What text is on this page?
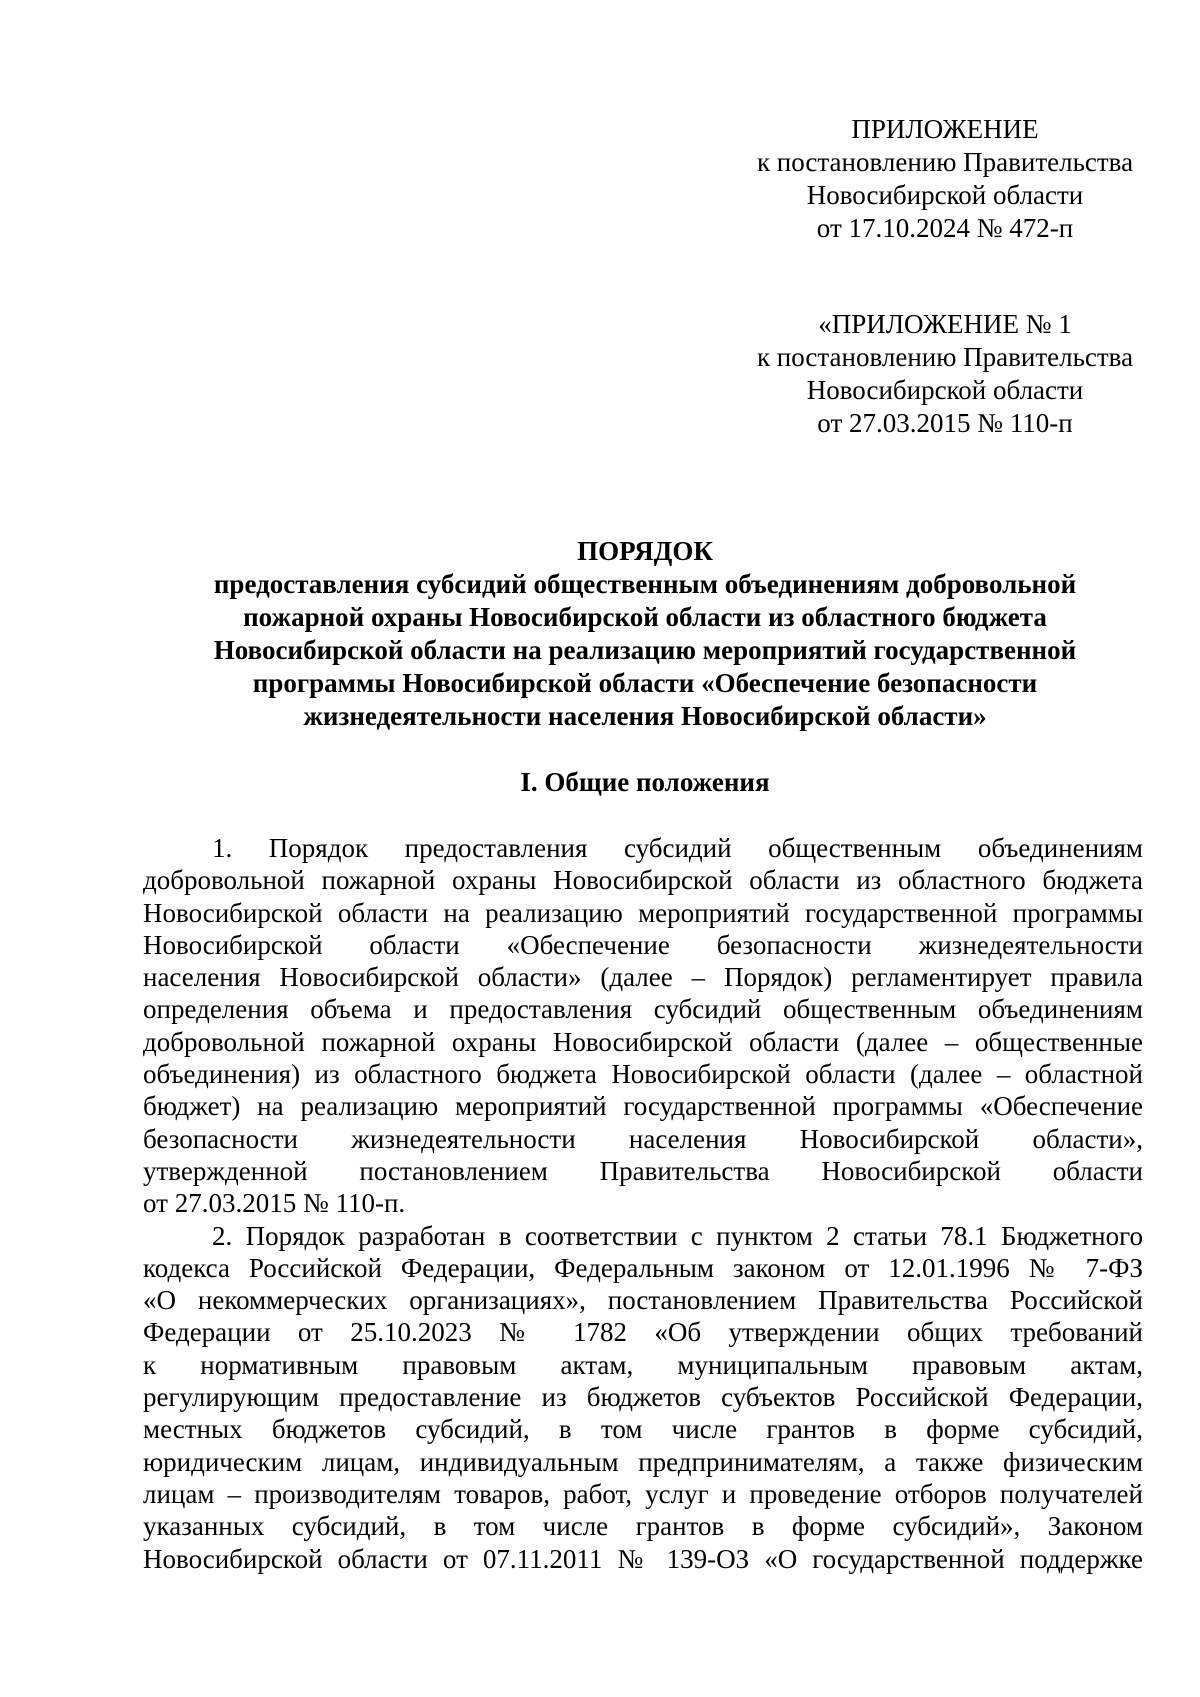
ПРИЛОЖЕНИЕ
к постановлению Правительства
Новосибирской области
от 17.10.2024 № 472-п
«ПРИЛОЖЕНИЕ № 1
к постановлению Правительства
Новосибирской области
от 27.03.2015 № 110-п
ПОРЯДОК
предоставления субсидий общественным объединениям добровольной
пожарной охраны Новосибирской области из областного бюджета
Новосибирской области на реализацию мероприятий государственной
программы Новосибирской области «Обеспечение безопасности
жизнедеятельности населения Новосибирской области»
I. Общие положения
1. Порядок предоставления субсидий общественным объединениям
добровольной пожарной охраны Новосибирской области из областного бюджета
Новосибирской области на реализацию мероприятий государственной программы
Новосибирской области «Обеспечение безопасности жизнедеятельности
населения Новосибирской области» (далее – Порядок) регламентирует правила
определения объема и предоставления субсидий общественным объединениям
добровольной пожарной охраны Новосибирской области (далее – общественные
объединения) из областного бюджета Новосибирской области (далее – областной
бюджет) на реализацию мероприятий государственной программы «Обеспечение
безопасности жизнедеятельности населения Новосибирской области»,
утвержденной постановлением Правительства Новосибирской области
от 27.03.2015 № 110-п.
2. Порядок разработан в соответствии с пунктом 2 статьи 78.1 Бюджетного
кодекса Российской Федерации, Федеральным законом от 12.01.1996 № 7-ФЗ
«О некоммерческих организациях», постановлением Правительства Российской
Федерации от 25.10.2023 № 1782 «Об утверждении общих требований
к нормативным правовым актам, муниципальным правовым актам,
регулирующим предоставление из бюджетов субъектов Российской Федерации,
местных бюджетов субсидий, в том числе грантов в форме субсидий,
юридическим лицам, индивидуальным предпринимателям, а также физическим
лицам – производителям товаров, работ, услуг и проведение отборов получателей
указанных субсидий, в том числе грантов в форме субсидий», Законом
Новосибирской области от 07.11.2011 № 139-ОЗ «О государственной поддержке
